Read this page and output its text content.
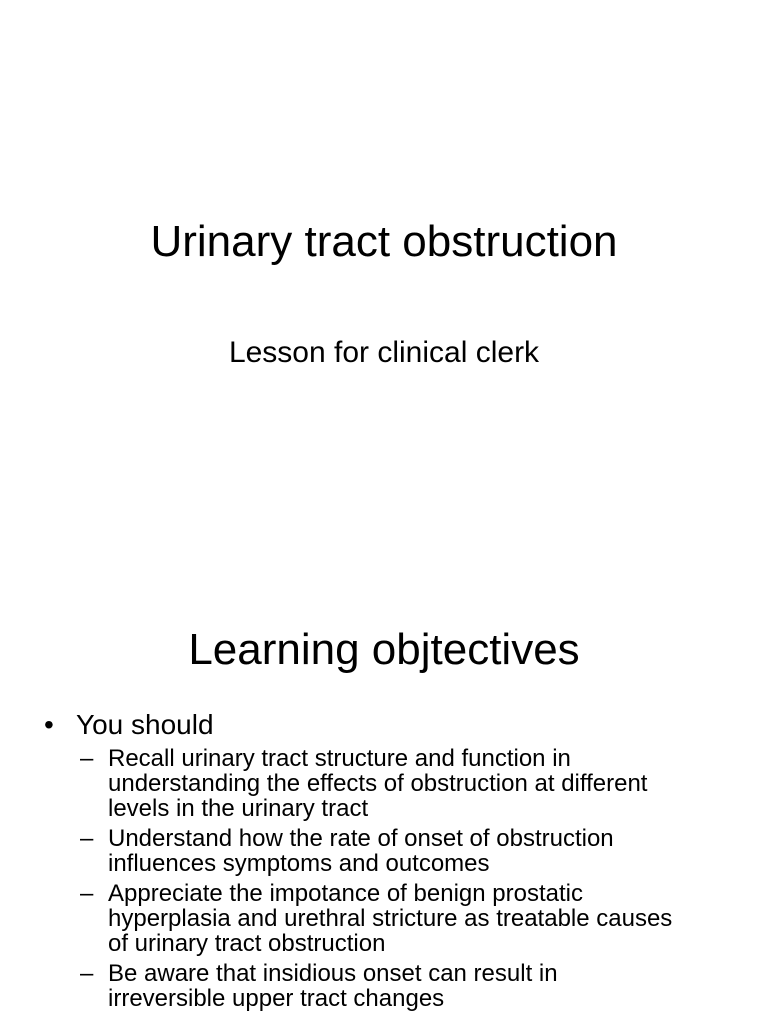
Urinary tract obstruction
Lesson for clinical clerk
Learning objtectives
• You should
– Recall urinary tract structure and function in
understanding the effects of obstruction at different
levels in the urinary tract
– Understand how the rate of onset of obstruction
influences symptoms and outcomes
– Appreciate the impotance of benign prostatic
hyperplasia and urethral stricture as treatable causes
of urinary tract obstruction
– Be aware that insidious onset can result in
irreversible upper tract changes
